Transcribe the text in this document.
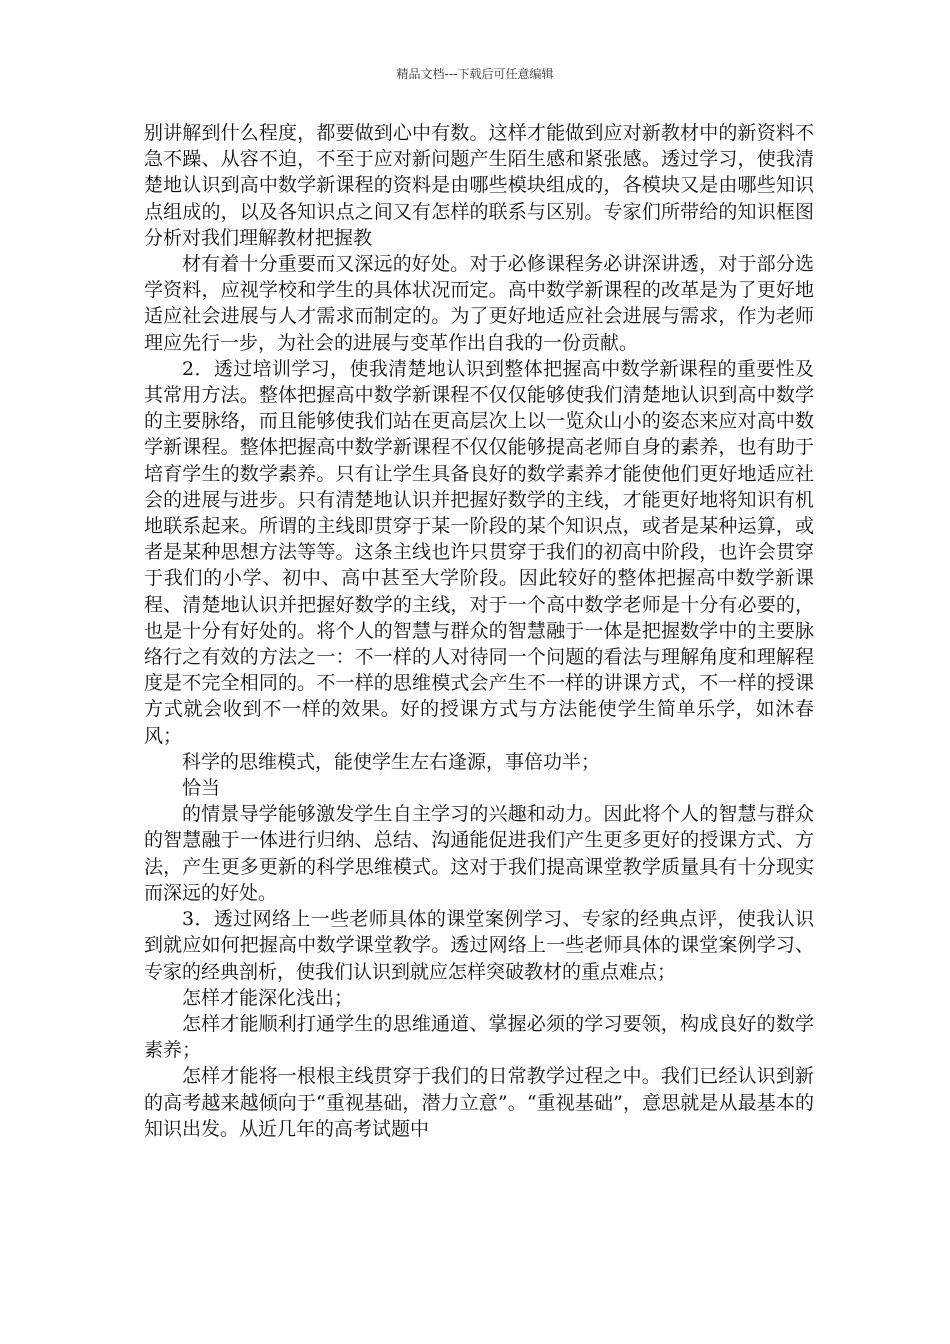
精品文档---下载后可任意编辑

别讲解到什么程度，都要做到心中有数。这样才能做到应对新教材中的新资料不急不躁、从容不迫，不至于应对新问题产生陌生感和紧张感。透过学习，使我清楚地认识到高中数学新课程的资料是由哪些模块组成的，各模块又是由哪些知识点组成的，以及各知识点之间又有怎样的联系与区别。专家们所带给的知识框图分析对我们理解教材把握教

材有着十分重要而又深远的好处。对于必修课程务必讲深讲透，对于部分选学资料，应视学校和学生的具体状况而定。高中数学新课程的改革是为了更好地适应社会进展与人才需求而制定的。为了更好地适应社会进展与需求，作为老师理应先行一步，为社会的进展与变革作出自我的一份贡献。

2．透过培训学习，使我清楚地认识到整体把握高中数学新课程的重要性及其常用方法。整体把握高中数学新课程不仅仅能够使我们清楚地认识到高中数学的主要脉络，而且能够使我们站在更高层次上以一览众山小的姿态来应对高中数学新课程。整体把握高中数学新课程不仅仅能够提高老师自身的素养，也有助于培育学生的数学素养。只有让学生具备良好的数学素养才能使他们更好地适应社会的进展与进步。只有清楚地认识并把握好数学的主线，才能更好地将知识有机地联系起来。所谓的主线即贯穿于某一阶段的某个知识点，或者是某种运算，或者是某种思想方法等等。这条主线也许只贯穿于我们的初高中阶段，也许会贯穿于我们的小学、初中、高中甚至大学阶段。因此较好的整体把握高中数学新课程、清楚地认识并把握好数学的主线，对于一个高中数学老师是十分有必要的，也是十分有好处的。将个人的智慧与群众的智慧融于一体是把握数学中的主要脉络行之有效的方法之一：不一样的人对待同一个问题的看法与理解角度和理解程度是不完全相同的。不一样的思维模式会产生不一样的讲课方式，不一样的授课方式就会收到不一样的效果。好的授课方式与方法能使学生简单乐学，如沐春风；

科学的思维模式，能使学生左右逢源，事倍功半；

恰当

的情景导学能够激发学生自主学习的兴趣和动力。因此将个人的智慧与群众的智慧融于一体进行归纳、总结、沟通能促进我们产生更多更好的授课方式、方法，产生更多更新的科学思维模式。这对于我们提高课堂教学质量具有十分现实而深远的好处。

3．透过网络上一些老师具体的课堂案例学习、专家的经典点评，使我认识到就应如何把握高中数学课堂教学。透过网络上一些老师具体的课堂案例学习、专家的经典剖析，使我们认识到就应怎样突破教材的重点难点；

怎样才能深化浅出；

怎样才能顺利打通学生的思维通道、掌握必须的学习要领，构成良好的数学素养；

怎样才能将一根根主线贯穿于我们的日常教学过程之中。我们已经认识到新的高考越来越倾向于“重视基础，潜力立意”。“重视基础”，意思就是从最基本的知识出发。从近几年的高考试题中
